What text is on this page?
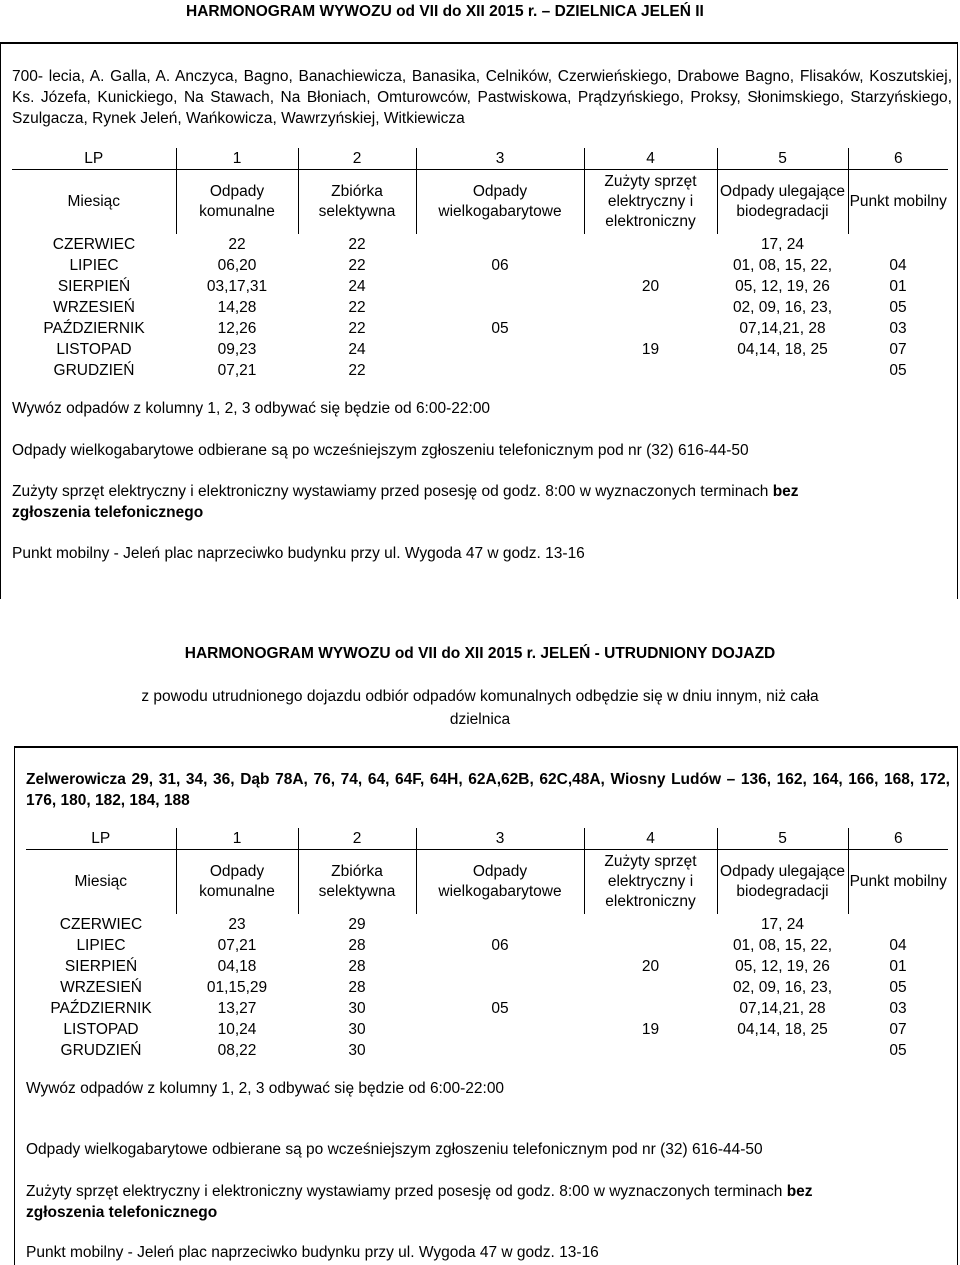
HARMONOGRAM WYWOZU od VII do XII 2015 r. – DZIELNICA JELEŃ II
700- lecia, A. Galla, A. Anczyca, Bagno, Banachiewicza, Banasika, Celników, Czerwieńskiego, Drabowe Bagno, Flisaków, Koszutskiej, Ks. Józefa, Kunickiego, Na Stawach, Na Błoniach, Omturowców, Pastwiskowa, Prądzyńskiego, Proksy, Słonimskiego, Starzyńskiego, Szulgacza, Rynek Jeleń, Wańkowicza, Wawrzyńskiej, Witkiewicza
LP	1	2	3	4	5	6
Miesiąc	Odpady komunalne	Zbiórka selektywna	Odpady wielkogabarytowe	Zużyty sprzęt elektryczny i elektroniczny	Odpady ulegające biodegradacji	Punkt mobilny
CZERWIEC	22	22			17, 24	
LIPIEC	06,20	22	06		01, 08, 15, 22,	04
SIERPIEŃ	03,17,31	24		20	05, 12, 19, 26	01
WRZESIEŃ	14,28	22			02, 09, 16, 23,	05
PAŹDZIERNIK	12,26	22	05		07,14,21, 28	03
LISTOPAD	09,23	24		19	04,14, 18, 25	07
GRUDZIEŃ	07,21	22				05
Wywóz odpadów z kolumny 1, 2, 3 odbywać się będzie od 6:00-22:00
Odpady wielkogabarytowe odbierane są po wcześniejszym zgłoszeniu telefonicznym pod nr (32) 616-44-50
Zużyty sprzęt elektryczny i elektroniczny wystawiamy przed posesję od godz. 8:00 w wyznaczonych terminach bez
zgłoszenia telefonicznego
Punkt mobilny - Jeleń plac naprzeciwko budynku przy ul. Wygoda 47 w godz. 13-16
HARMONOGRAM WYWOZU od VII do XII 2015 r. JELEŃ - UTRUDNIONY DOJAZD
z powodu utrudnionego dojazdu odbiór odpadów komunalnych odbędzie się w dniu innym, niż cała
dzielnica
Zelwerowicza 29, 31, 34, 36, Dąb 78A, 76, 74, 64, 64F, 64H, 62A,62B, 62C,48A, Wiosny Ludów – 136, 162, 164, 166, 168, 172, 176, 180, 182, 184, 188
LP	1	2	3	4	5	6
Miesiąc	Odpady komunalne	Zbiórka selektywna	Odpady wielkogabarytowe	Zużyty sprzęt elektryczny i elektroniczny	Odpady ulegające biodegradacji	Punkt mobilny
CZERWIEC	23	29			17, 24	
LIPIEC	07,21	28	06		01, 08, 15, 22,	04
SIERPIEŃ	04,18	28		20	05, 12, 19, 26	01
WRZESIEŃ	01,15,29	28			02, 09, 16, 23,	05
PAŹDZIERNIK	13,27	30	05		07,14,21, 28	03
LISTOPAD	10,24	30		19	04,14, 18, 25	07
GRUDZIEŃ	08,22	30				05
Wywóz odpadów z kolumny 1, 2, 3 odbywać się będzie od 6:00-22:00
Odpady wielkogabarytowe odbierane są po wcześniejszym zgłoszeniu telefonicznym pod nr (32) 616-44-50
Zużyty sprzęt elektryczny i elektroniczny wystawiamy przed posesję od godz. 8:00 w wyznaczonych terminach bez
zgłoszenia telefonicznego
Punkt mobilny - Jeleń plac naprzeciwko budynku przy ul. Wygoda 47 w godz. 13-16
